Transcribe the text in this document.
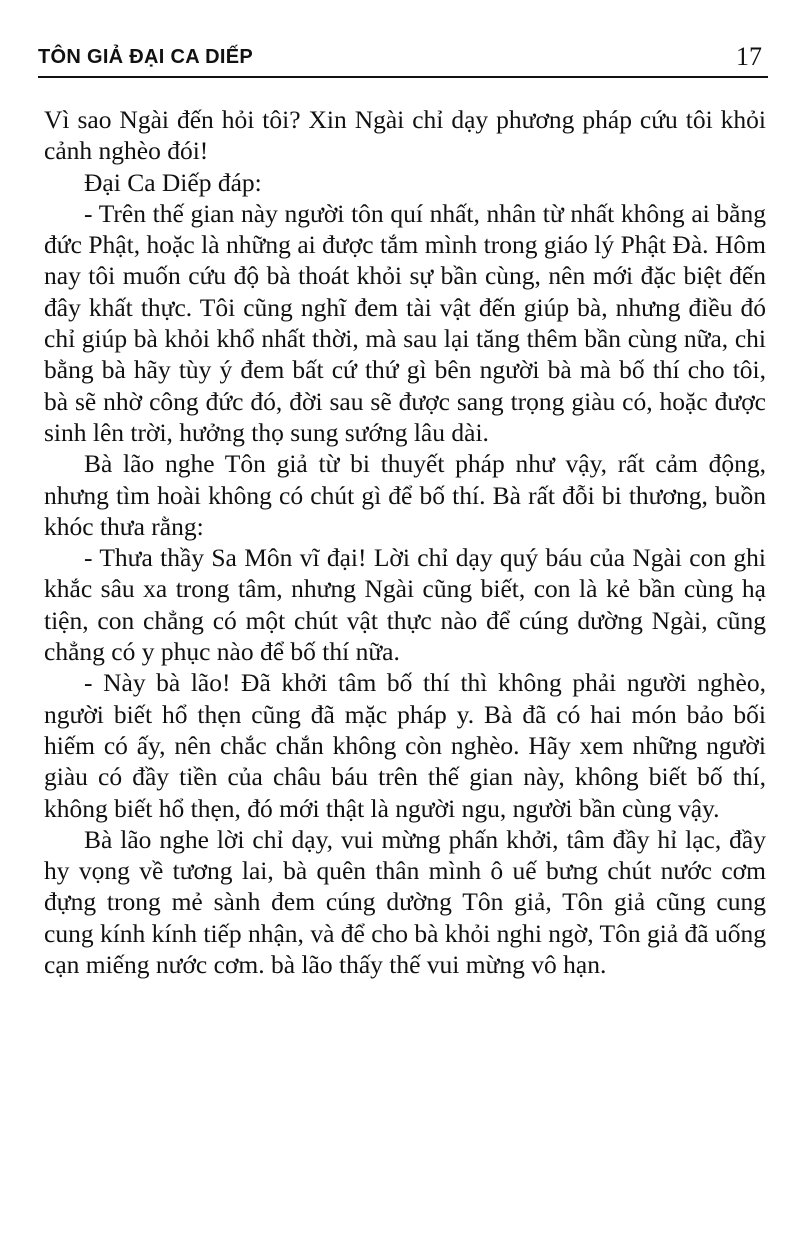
TÔN GIẢ ĐẠI CA DIẾP	17

Vì sao Ngài đến hỏi tôi? Xin Ngài chỉ dạy phương pháp cứu tôi khỏi cảnh nghèo đói!

Đại Ca Diếp đáp:

- Trên thế gian này người tôn quí nhất, nhân từ nhất không ai bằng đức Phật, hoặc là những ai được tắm mình trong giáo lý Phật Đà. Hôm nay tôi muốn cứu độ bà thoát khỏi sự bần cùng, nên mới đặc biệt đến đây khất thực. Tôi cũng nghĩ đem tài vật đến giúp bà, nhưng điều đó chỉ giúp bà khỏi khổ nhất thời, mà sau lại tăng thêm bần cùng nữa, chi bằng bà hãy tùy ý đem bất cứ thứ gì bên người bà mà bố thí cho tôi, bà sẽ nhờ công đức đó, đời sau sẽ được sang trọng giàu có, hoặc được sinh lên trời, hưởng thọ sung sướng lâu dài.

Bà lão nghe Tôn giả từ bi thuyết pháp như vậy, rất cảm động, nhưng tìm hoài không có chút gì để bố thí. Bà rất đỗi bi thương, buồn khóc thưa rằng:

- Thưa thầy Sa Môn vĩ đại! Lời chỉ dạy quý báu của Ngài con ghi khắc sâu xa trong tâm, nhưng Ngài cũng biết, con là kẻ bần cùng hạ tiện, con chẳng có một chút vật thực nào để cúng dường Ngài, cũng chẳng có y phục nào để bố thí nữa.

- Này bà lão! Đã khởi tâm bố thí thì không phải người nghèo, người biết hổ thẹn cũng đã mặc pháp y. Bà đã có hai món bảo bối hiếm có ấy, nên chắc chắn không còn nghèo. Hãy xem những người giàu có đầy tiền của châu báu trên thế gian này, không biết bố thí, không biết hổ thẹn, đó mới thật là người ngu, người bần cùng vậy.

Bà lão nghe lời chỉ dạy, vui mừng phấn khởi, tâm đầy hỉ lạc, đầy hy vọng về tương lai, bà quên thân mình ô uế bưng chút nước cơm đựng trong mẻ sành đem cúng dường Tôn giả, Tôn giả cũng cung cung kính kính tiếp nhận, và để cho bà khỏi nghi ngờ, Tôn giả đã uống cạn miếng nước cơm. bà lão thấy thế vui mừng vô hạn.
